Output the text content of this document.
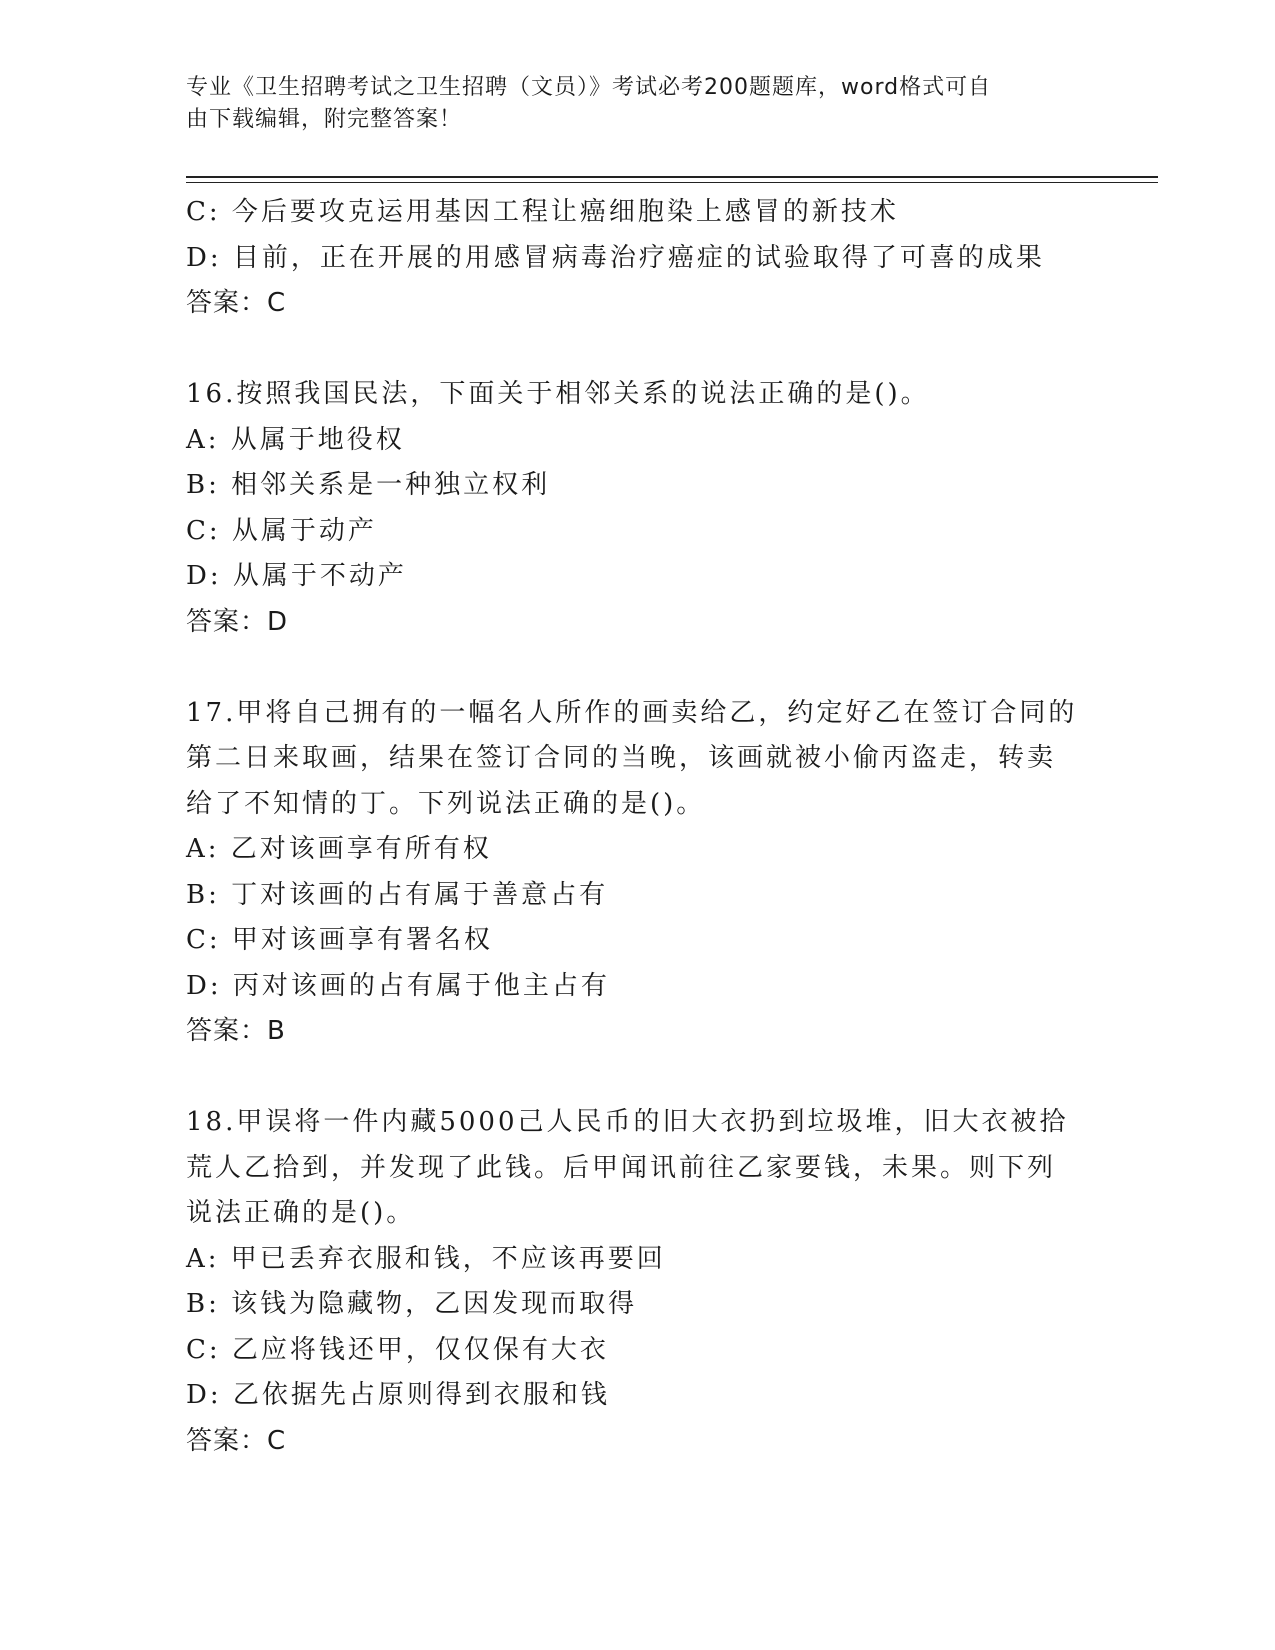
专业《卫生招聘考试之卫生招聘（文员）》考试必考200题题库，word格式可自
由下载编辑，附完整答案！
C: 今后要攻克运用基因工程让癌细胞染上感冒的新技术
D: 目前，正在开展的用感冒病毒治疗癌症的试验取得了可喜的成果
答案：C
16.按照我国民法，下面关于相邻关系的说法正确的是()。
A: 从属于地役权
B: 相邻关系是一种独立权利
C: 从属于动产
D: 从属于不动产
答案：D
17.甲将自己拥有的一幅名人所作的画卖给乙，约定好乙在签订合同的
第二日来取画，结果在签订合同的当晚，该画就被小偷丙盗走，转卖
给了不知情的丁。下列说法正确的是()。
A: 乙对该画享有所有权
B: 丁对该画的占有属于善意占有
C: 甲对该画享有署名权
D: 丙对该画的占有属于他主占有
答案：B
18.甲误将一件内藏5000己人民币的旧大衣扔到垃圾堆，旧大衣被拾
荒人乙拾到，并发现了此钱。后甲闻讯前往乙家要钱，未果。则下列
说法正确的是()。
A: 甲已丢弃衣服和钱，不应该再要回
B: 该钱为隐藏物，乙因发现而取得
C: 乙应将钱还甲，仅仅保有大衣
D: 乙依据先占原则得到衣服和钱
答案：C
